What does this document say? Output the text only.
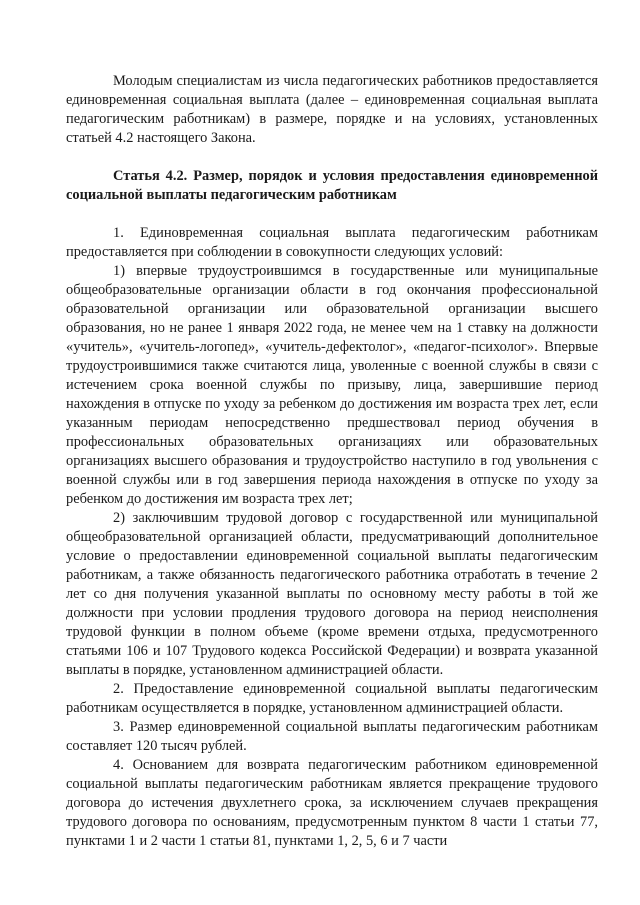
Молодым специалистам из числа педагогических работников предоставляется единовременная социальная выплата (далее – единовременная социальная выплата педагогическим работникам) в размере, порядке и на условиях, установленных статьей 4.2 настоящего Закона.

Статья 4.2. Размер, порядок и условия предоставления единовременной социальной выплаты педагогическим работникам

1. Единовременная социальная выплата педагогическим работникам предоставляется при соблюдении в совокупности следующих условий:

1) впервые трудоустроившимся в государственные или муниципальные общеобразовательные организации области в год окончания профессиональной образовательной организации или образовательной организации высшего образования, но не ранее 1 января 2022 года, не менее чем на 1 ставку на должности «учитель», «учитель-логопед», «учитель-дефектолог», «педагог-психолог». Впервые трудоустроившимися также считаются лица, уволенные с военной службы в связи с истечением срока военной службы по призыву, лица, завершившие период нахождения в отпуске по уходу за ребенком до достижения им возраста трех лет, если указанным периодам непосредственно предшествовал период обучения в профессиональных образовательных организациях или образовательных организациях высшего образования и трудоустройство наступило в год увольнения с военной службы или в год завершения периода нахождения в отпуске по уходу за ребенком до достижения им возраста трех лет;

2) заключившим трудовой договор с государственной или муниципальной общеобразовательной организацией области, предусматривающий дополнительное условие о предоставлении единовременной социальной выплаты педагогическим работникам, а также обязанность педагогического работника отработать в течение 2 лет со дня получения указанной выплаты по основному месту работы в той же должности при условии продления трудового договора на период неисполнения трудовой функции в полном объеме (кроме времени отдыха, предусмотренного статьями 106 и 107 Трудового кодекса Российской Федерации) и возврата указанной выплаты в порядке, установленном администрацией области.

2. Предоставление единовременной социальной выплаты педагогическим работникам осуществляется в порядке, установленном администрацией области.

3. Размер единовременной социальной выплаты педагогическим работникам составляет 120 тысяч рублей.

4. Основанием для возврата педагогическим работником единовременной социальной выплаты педагогическим работникам является прекращение трудового договора до истечения двухлетнего срока, за исключением случаев прекращения трудового договора по основаниям, предусмотренным пунктом 8 части 1 статьи 77, пунктами 1 и 2 части 1 статьи 81, пунктами 1, 2, 5, 6 и 7 части
